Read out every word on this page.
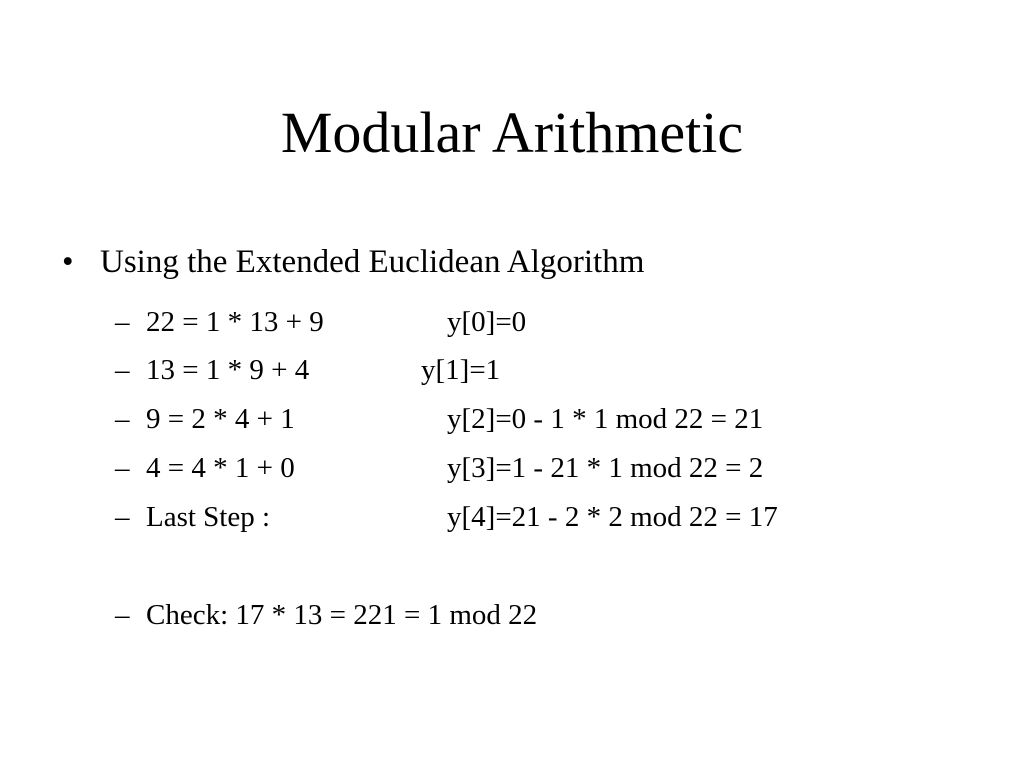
Modular Arithmetic
• Using the Extended Euclidean Algorithm
– 22 = 1 * 13 + 9	y[0]=0
– 13 = 1 * 9 + 4	y[1]=1
– 9 = 2 * 4 + 1	y[2]=0 - 1 * 1 mod 22 = 21
– 4 = 4 * 1 + 0	y[3]=1 - 21 * 1 mod 22 = 2
– Last Step :	y[4]=21 - 2 * 2 mod 22 = 17
– Check: 17 * 13 = 221 = 1 mod 22
